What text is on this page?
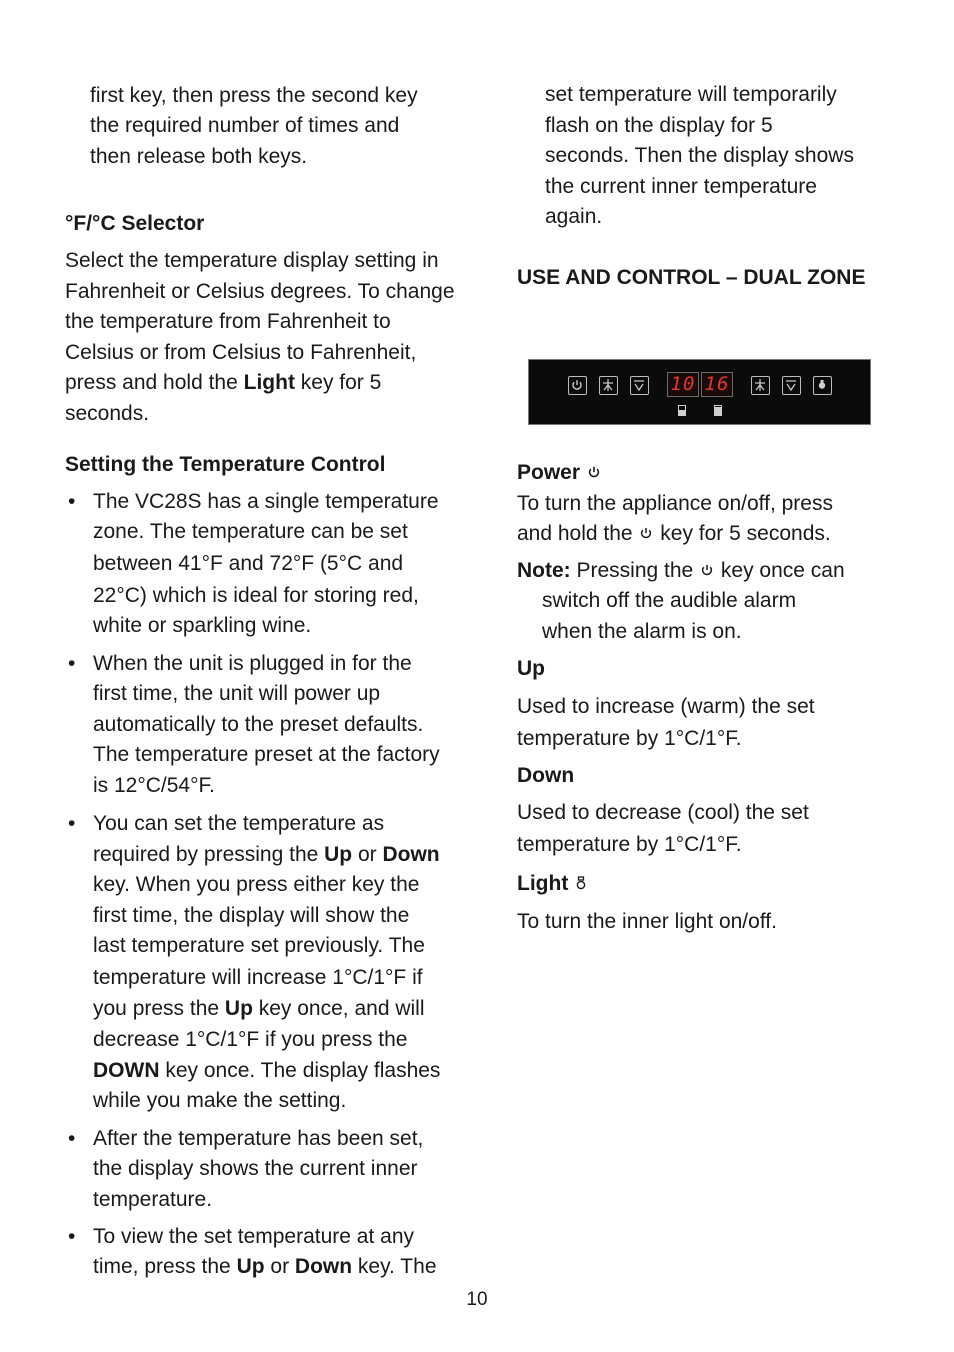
first key, then press the second key

the required number of times and

then release both keys.

°F/°C Selector

Select the temperature display setting in

Fahrenheit or Celsius degrees. To change

the temperature from Fahrenheit to

Celsius or from Celsius to Fahrenheit,

press and hold the Light key for 5

seconds.

Setting the Temperature Control

• The VC28S has a single temperature

zone. The temperature can be set

between 41°F and 72°F (5°C and

22°C) which is ideal for storing red,

white or sparkling wine.

• When the unit is plugged in for the

first time, the unit will power up

automatically to the preset defaults.

The temperature preset at the factory

is 12°C/54°F.

• You can set the temperature as

required by pressing the Up or Down

key. When you press either key the

first time, the display will show the

last temperature set previously. The

temperature will increase 1°C/1°F if

you press the Up key once, and will

decrease 1°C/1°F if you press the

DOWN key once. The display flashes

while you make the setting.

• After the temperature has been set,

the display shows the current inner

temperature.

• To view the set temperature at any

time, press the Up or Down key. The

set temperature will temporarily

flash on the display for 5

seconds. Then the display shows

the current inner temperature

again.

USE AND CONTROL – DUAL ZONE

10 16

Power

To turn the appliance on/off, press

and hold the  key for 5 seconds.

Note: Pressing the  key once can

switch off the audible alarm

when the alarm is on.

Up

Used to increase (warm) the set

temperature by 1°C/1°F.

Down

Used to decrease (cool) the set

temperature by 1°C/1°F.

Light

To turn the inner light on/off.

10
